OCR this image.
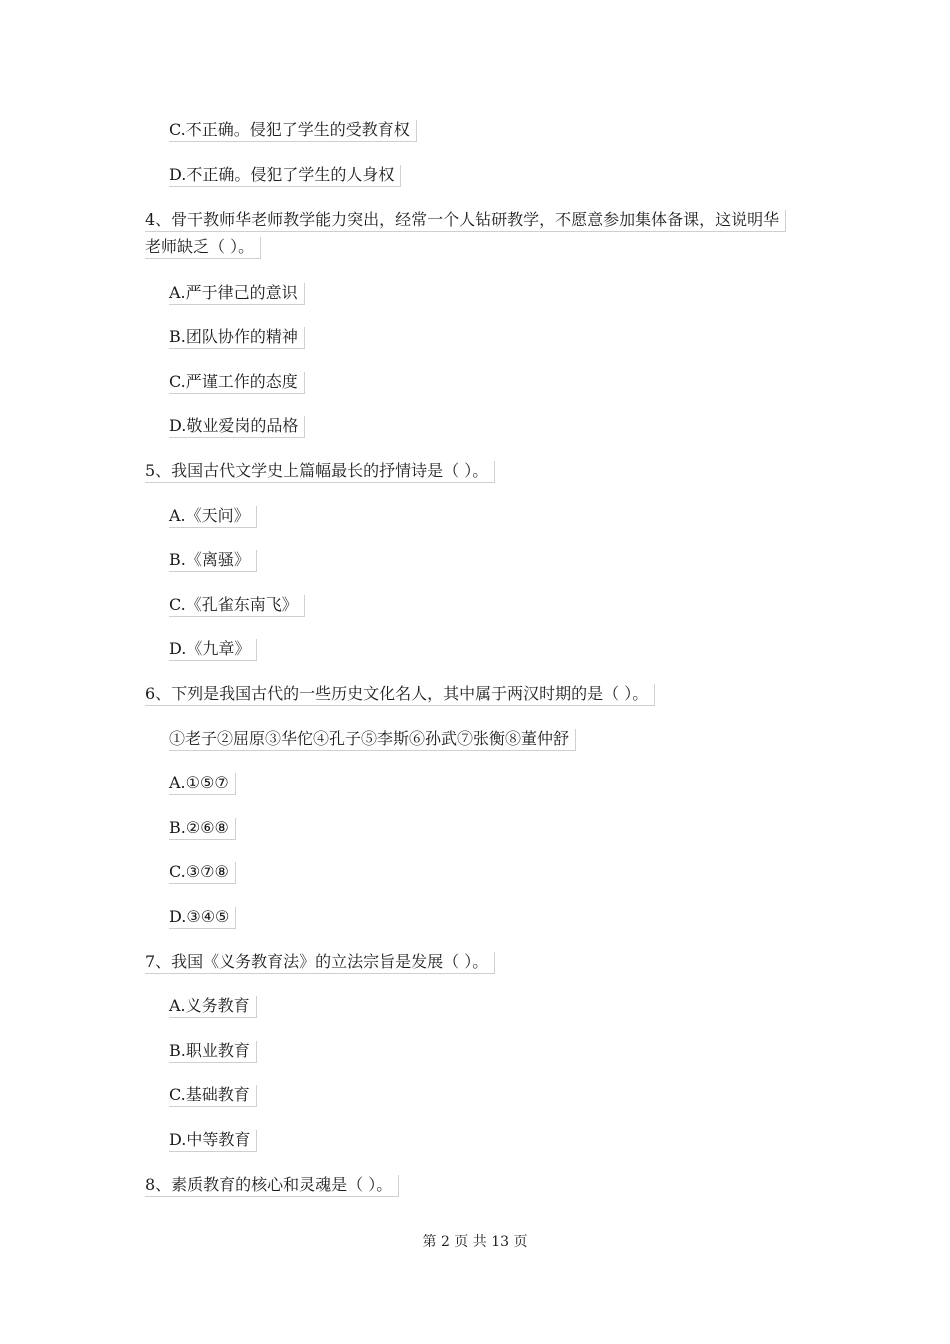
C.不正确。侵犯了学生的受教育权
D.不正确。侵犯了学生的人身权
4、骨干教师华老师教学能力突出，经常一个人钻研教学，不愿意参加集体备课，这说明华
老师缺乏（ ）。
A.严于律己的意识
B.团队协作的精神
C.严谨工作的态度
D.敬业爱岗的品格
5、我国古代文学史上篇幅最长的抒情诗是（ ）。
A.《天问》
B.《离骚》
C.《孔雀东南飞》
D.《九章》
6、下列是我国古代的一些历史文化名人，其中属于两汉时期的是（ ）。
①老子②屈原③华佗④孔子⑤李斯⑥孙武⑦张衡⑧董仲舒
A.①⑤⑦
B.②⑥⑧
C.③⑦⑧
D.③④⑤
7、我国《义务教育法》的立法宗旨是发展（ ）。
A.义务教育
B.职业教育
C.基础教育
D.中等教育
8、素质教育的核心和灵魂是（ ）。
第 2 页 共 13 页
